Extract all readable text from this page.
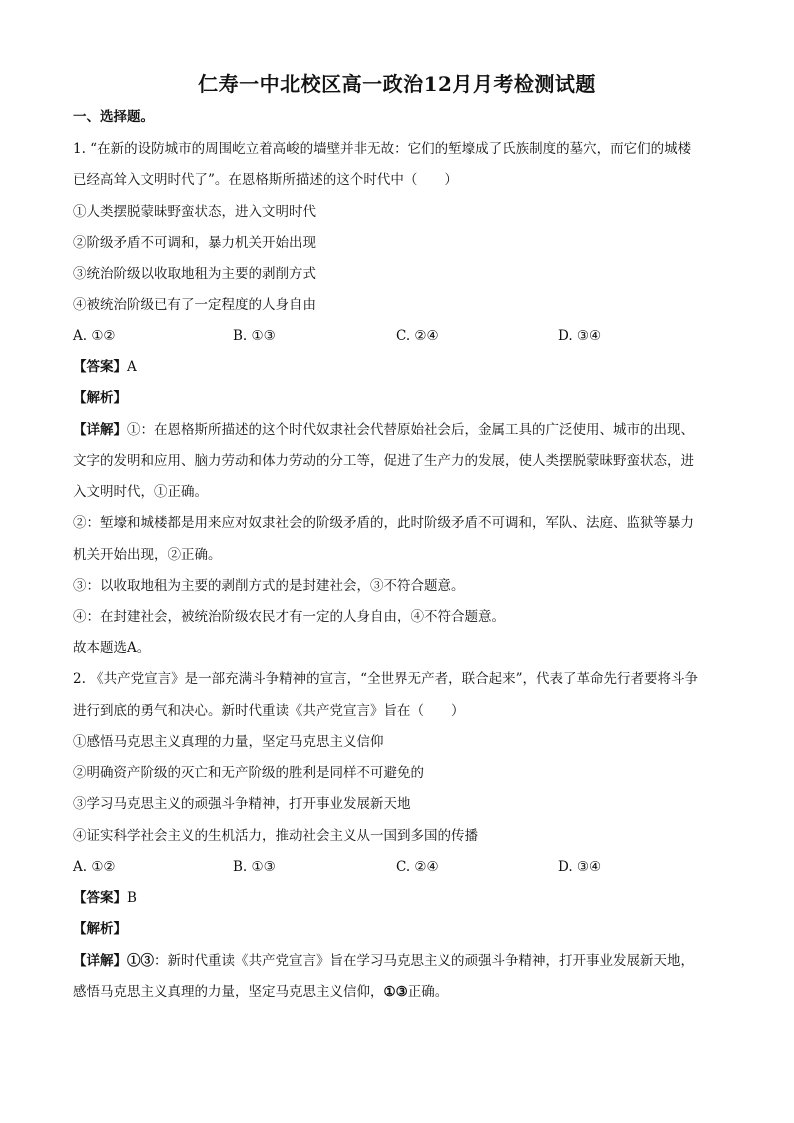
仁寿一中北校区高一政治12月月考检测试题
一、选择题。
1. “在新的设防城市的周围屹立着高峻的墙壁并非无故：它们的堑壕成了氏族制度的墓穴，而它们的城楼
已经高耸入文明时代了”。在恩格斯所描述的这个时代中（　　）
①人类摆脱蒙昧野蛮状态，进入文明时代
②阶级矛盾不可调和，暴力机关开始出现
③统治阶级以收取地租为主要的剥削方式
④被统治阶级已有了一定程度的人身自由
A. ①②	B. ①③	C. ②④	D. ③④
【答案】A
【解析】
【详解】①：在恩格斯所描述的这个时代奴隶社会代替原始社会后，金属工具的广泛使用、城市的出现、
文字的发明和应用、脑力劳动和体力劳动的分工等，促进了生产力的发展，使人类摆脱蒙昧野蛮状态，进
入文明时代，①正确。
②：堑壕和城楼都是用来应对奴隶社会的阶级矛盾的，此时阶级矛盾不可调和，军队、法庭、监狱等暴力
机关开始出现，②正确。
③：以收取地租为主要的剥削方式的是封建社会，③不符合题意。
④：在封建社会，被统治阶级农民才有一定的人身自由，④不符合题意。
故本题选A。
2. 《共产党宣言》是一部充满斗争精神的宣言，“全世界无产者，联合起来”，代表了革命先行者要将斗争
进行到底的勇气和决心。新时代重读《共产党宣言》旨在（　　）
①感悟马克思主义真理的力量，坚定马克思主义信仰
②明确资产阶级的灭亡和无产阶级的胜利是同样不可避免的
③学习马克思主义的顽强斗争精神，打开事业发展新天地
④证实科学社会主义的生机活力，推动社会主义从一国到多国的传播
A. ①②	B. ①③	C. ②④	D. ③④
【答案】B
【解析】
【详解】①③：新时代重读《共产党宣言》旨在学习马克思主义的顽强斗争精神，打开事业发展新天地，
感悟马克思主义真理的力量，坚定马克思主义信仰，①③正确。
